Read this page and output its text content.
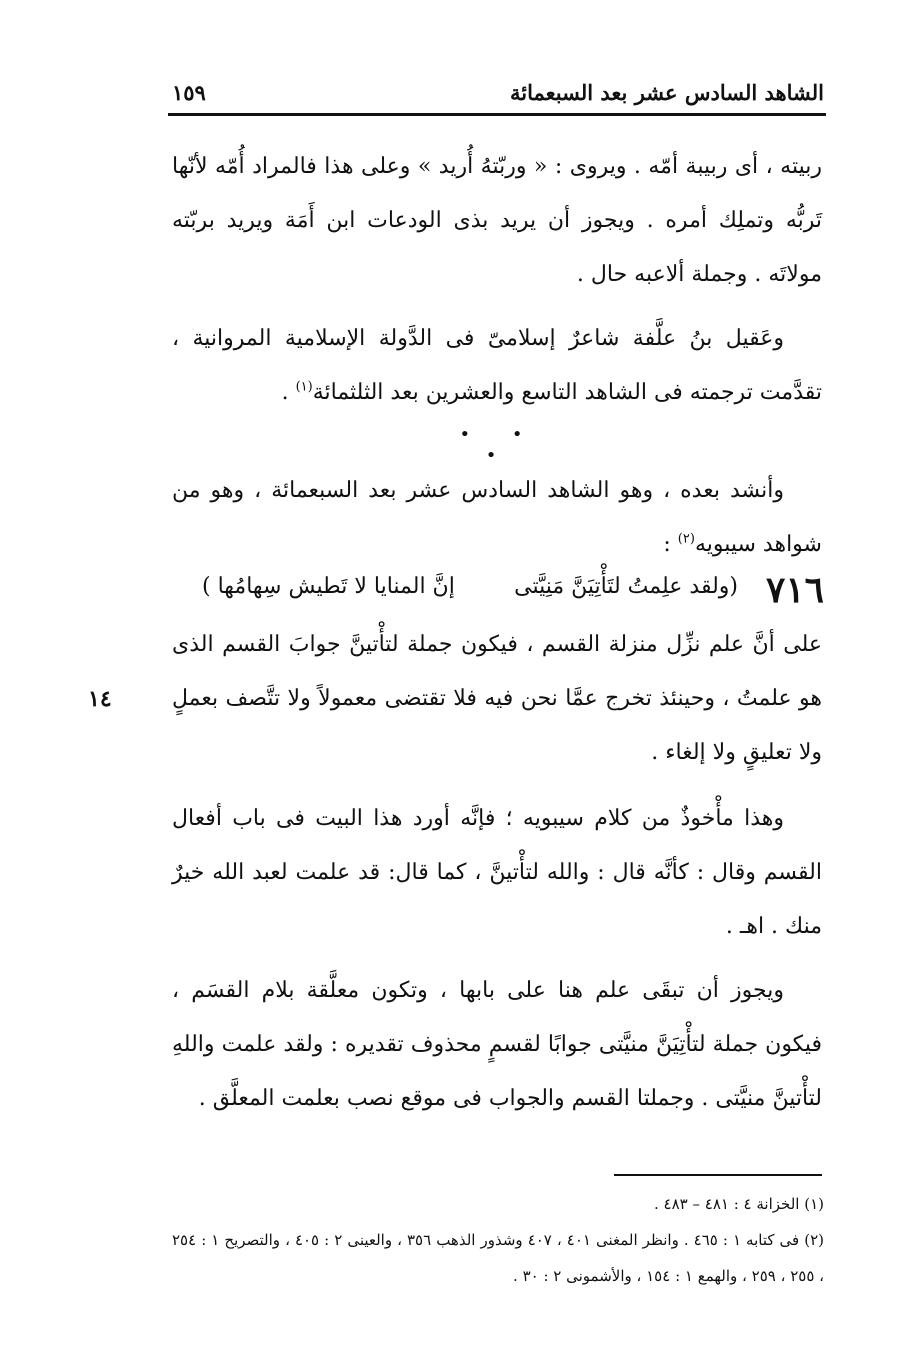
الشاهد السادس عشر بعد السبعمائة
١٥٩

ربيته ، أى ربيبة أمّه . ويروى : « وربّتهُ أُريد » وعلى هذا فالمراد أُمّه لأنّها تَربُّه وتملِك أمره . ويجوز أن يريد بذى الودعات ابن أَمَة ويريد بربّته مولاتَه . وجملة ألاعبه حال .

وعَقيل بنُ علَّفة شاعرٌ إسلامىّ فى الدَّولة الإسلامية المروانية ، تقدَّمت ترجمته فى الشاهد التاسع والعشرين بعد الثلثمائة$^{(١)}$ .

• • •

وأنشد بعده ، وهو الشاهد السادس عشر بعد السبعمائة ، وهو من شواهد سيبويه$^{(٢)}$ :

٧١٦
(ولقد علِمتُ لتَأْتِيَنَّ مَنِيَّتى
إنَّ المنايا لا تَطيش سِهامُها )

على أنَّ علم نزِّل منزلة القسم ، فيكون جملة لتأْتينَّ جوابَ القسم الذى هو علمتُ ، وحينئذ تخرج عمَّا نحن فيه فلا تقتضى معمولاً ولا تتَّصف بعملٍ ولا تعليقٍ ولا إلغاء .

١٤

وهذا مأْخوذٌ من كلام سيبويه ؛ فإنَّه أورد هذا البيت فى باب أفعال القسم وقال : كأنَّه قال : والله لتأْتينَّ ، كما قال: قد علمت لعبد الله خيرٌ منك . اهـ .

ويجوز أن تبقَى علم هنا على بابها ، وتكون معلَّقة بلام القسَم ، فيكون جملة لتأْتِيَنَّ منيَّتى جوابًا لقسمٍ محذوف تقديره : ولقد علمت واللهِ لتأْتينَّ منيَّتى . وجملتا القسم والجواب فى موقع نصب بعلمت المعلَّق .

(١) الخزانة ٤ : ٤٨١ – ٤٨٣ .

(٢) فى كتابه ١ : ٤٦٥ . وانظر المغنى ٤٠١ ، ٤٠٧ وشذور الذهب ٣٥٦ ، والعينى ٢ : ٤٠٥ ، والتصريح ١ : ٢٥٤ ، ٢٥٥ ، ٢٥٩ ، والهمع ١ : ١٥٤ ، والأشمونى ٢ : ٣٠ .
